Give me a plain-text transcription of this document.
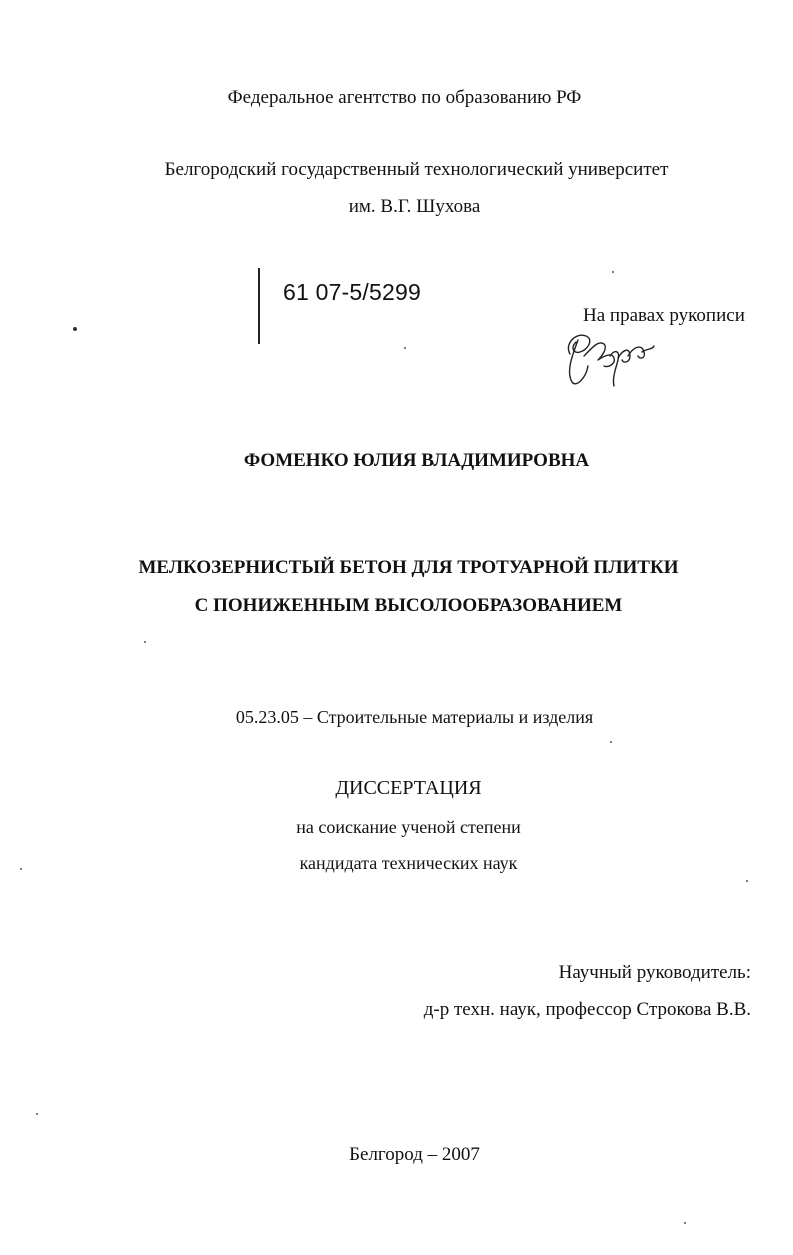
Федеральное агентство по образованию РФ
Белгородский государственный технологический университет
им. В.Г. Шухова
61 07-5/5299
На правах рукописи
ФОМЕНКО ЮЛИЯ ВЛАДИМИРОВНА
МЕЛКОЗЕРНИСТЫЙ БЕТОН ДЛЯ ТРОТУАРНОЙ ПЛИТКИ
С ПОНИЖЕННЫМ ВЫСОЛООБРАЗОВАНИЕМ
05.23.05 – Строительные материалы и изделия
ДИССЕРТАЦИЯ
на соискание ученой степени
кандидата технических наук
Научный руководитель:
д-р техн. наук, профессор Строкова В.В.
Белгород – 2007
